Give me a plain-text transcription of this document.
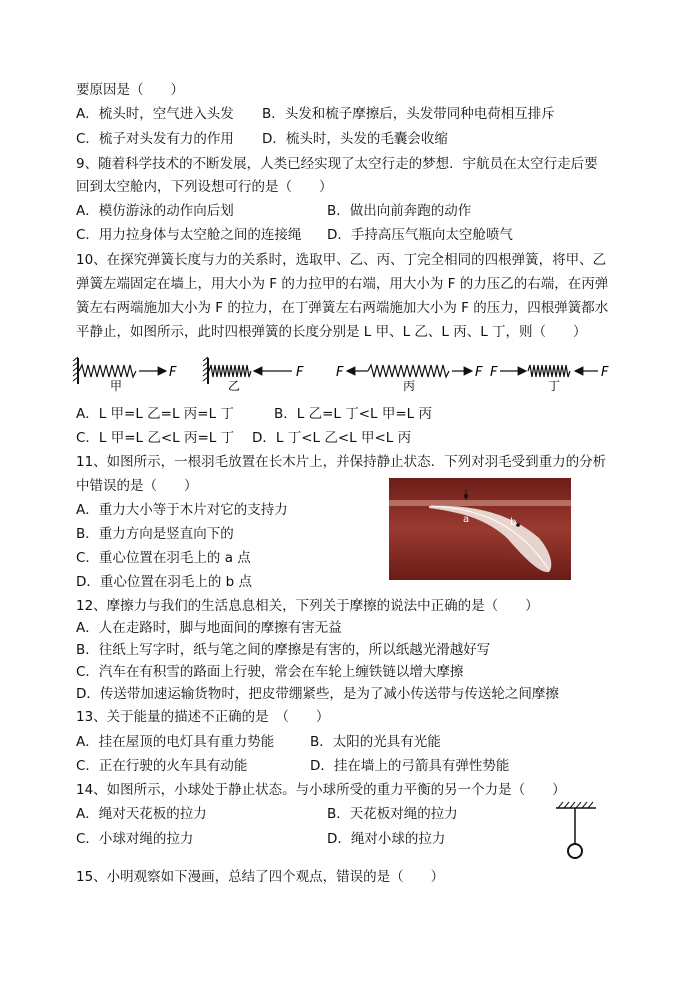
要原因是（　　）
A．梳头时，空气进入头发 B．头发和梳子摩擦后，头发带同种电荷相互排斥
C．梳子对头发有力的作用 D．梳头时，头发的毛囊会收缩
9、随着科学技术的不断发展，人类已经实现了太空行走的梦想．宇航员在太空行走后要
回到太空舱内，下列设想可行的是（　　）
A．模仿游泳的动作向后划	B．做出向前奔跑的动作
C．用力拉身体与太空舱之间的连接绳 D．手持高压气瓶向太空舱喷气
10、在探究弹簧长度与力的关系时，选取甲、乙、丙、丁完全相同的四根弹簧，将甲、乙
弹簧左端固定在墙上，用大小为 F 的力拉甲的右端，用大小为 F 的力压乙的右端，在丙弹
簧左右两端施加大小为 F 的拉力，在丁弹簧左右两端施加大小为 F 的压力，四根弹簧都水
平静止，如图所示，此时四根弹簧的长度分别是 L 甲、L 乙、L 丙、L 丁，则（　　）
F
甲
F
乙
F	F
丙
F	F
丁
A．L 甲=L 乙=L 丙=L 丁	B．L 乙=L 丁<L 甲=L 丙
C．L 甲=L 乙<L 丙=L 丁 D．L 丁<L 乙<L 甲<L 丙
11、如图所示，一根羽毛放置在长木片上，并保持静止状态．下列对羽毛受到重力的分析
中错误的是（　　）
A．重力大小等于木片对它的支持力
B．重力方向是竖直向下的
C．重心位置在羽毛上的 a 点
D．重心位置在羽毛上的 b 点
a	b
12、摩擦力与我们的生活息息相关，下列关于摩擦的说法中正确的是（　　）
A．人在走路时，脚与地面间的摩擦有害无益
B．往纸上写字时，纸与笔之间的摩擦是有害的，所以纸越光滑越好写
C．汽车在有积雪的路面上行驶，常会在车轮上缠铁链以增大摩擦
D．传送带加速运输货物时，把皮带绷紧些，是为了减小传送带与传送轮之间摩擦
13、关于能量的描述不正确的是　（　　）
A．挂在屋顶的电灯具有重力势能	B．太阳的光具有光能
C．正在行驶的火车具有动能	D．挂在墙上的弓箭具有弹性势能
14、如图所示，小球处于静止状态。与小球所受的重力平衡的另一个力是（　　）
A．绳对天花板的拉力	B．天花板对绳的拉力
C．小球对绳的拉力	D．绳对小球的拉力
15、小明观察如下漫画，总结了四个观点，错误的是（　　）
